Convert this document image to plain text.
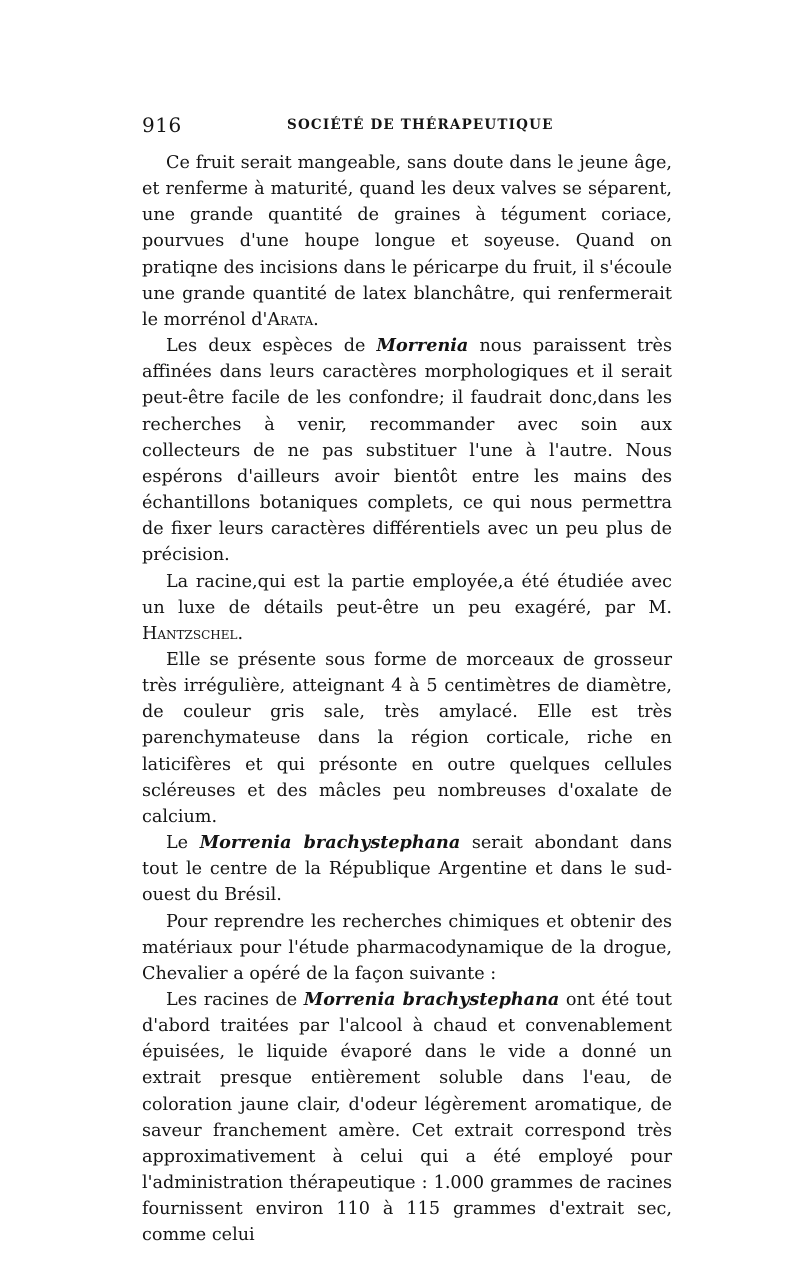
916	SOCIÉTÉ DE THÉRAPEUTIQUE

Ce fruit serait mangeable, sans doute dans le jeune âge, et renferme à maturité, quand les deux valves se séparent, une grande quantité de graines à tégument coriace, pourvues d'une houpe longue et soyeuse. Quand on pratiqne des incisions dans le péricarpe du fruit, il s'écoule une grande quantité de latex blanchâtre, qui renfermerait le morrénol d'Arata.

Les deux espèces de Morrenia nous paraissent très affinées dans leurs caractères morphologiques et il serait peut-être facile de les confondre; il faudrait donc,dans les recherches à venir, recommander avec soin aux collecteurs de ne pas substituer l'une à l'autre. Nous espérons d'ailleurs avoir bientôt entre les mains des échantillons botaniques complets, ce qui nous permettra de fixer leurs caractères différentiels avec un peu plus de précision.

La racine,qui est la partie employée,a été étudiée avec un luxe de détails peut-être un peu exagéré, par M. Hantzschel.

Elle se présente sous forme de morceaux de grosseur très irrégulière, atteignant 4 à 5 centimètres de diamètre, de couleur gris sale, très amylacé. Elle est très parenchymateuse dans la région corticale, riche en laticifères et qui présonte en outre quelques cellules scléreuses et des mâcles peu nombreuses d'oxalate de calcium.

Le Morrenia brachystephana serait abondant dans tout le centre de la République Argentine et dans le sud-ouest du Brésil.

Pour reprendre les recherches chimiques et obtenir des matériaux pour l'étude pharmacodynamique de la drogue, Chevalier a opéré de la façon suivante :

Les racines de Morrenia brachystephana ont été tout d'abord traitées par l'alcool à chaud et convenablement épuisées, le liquide évaporé dans le vide a donné un extrait presque entièrement soluble dans l'eau, de coloration jaune clair, d'odeur légèrement aromatique, de saveur franchement amère. Cet extrait correspond très approximativement à celui qui a été employé pour l'administration thérapeutique : 1.000 grammes de racines fournissent environ 110 à 115 grammes d'extrait sec, comme celui
